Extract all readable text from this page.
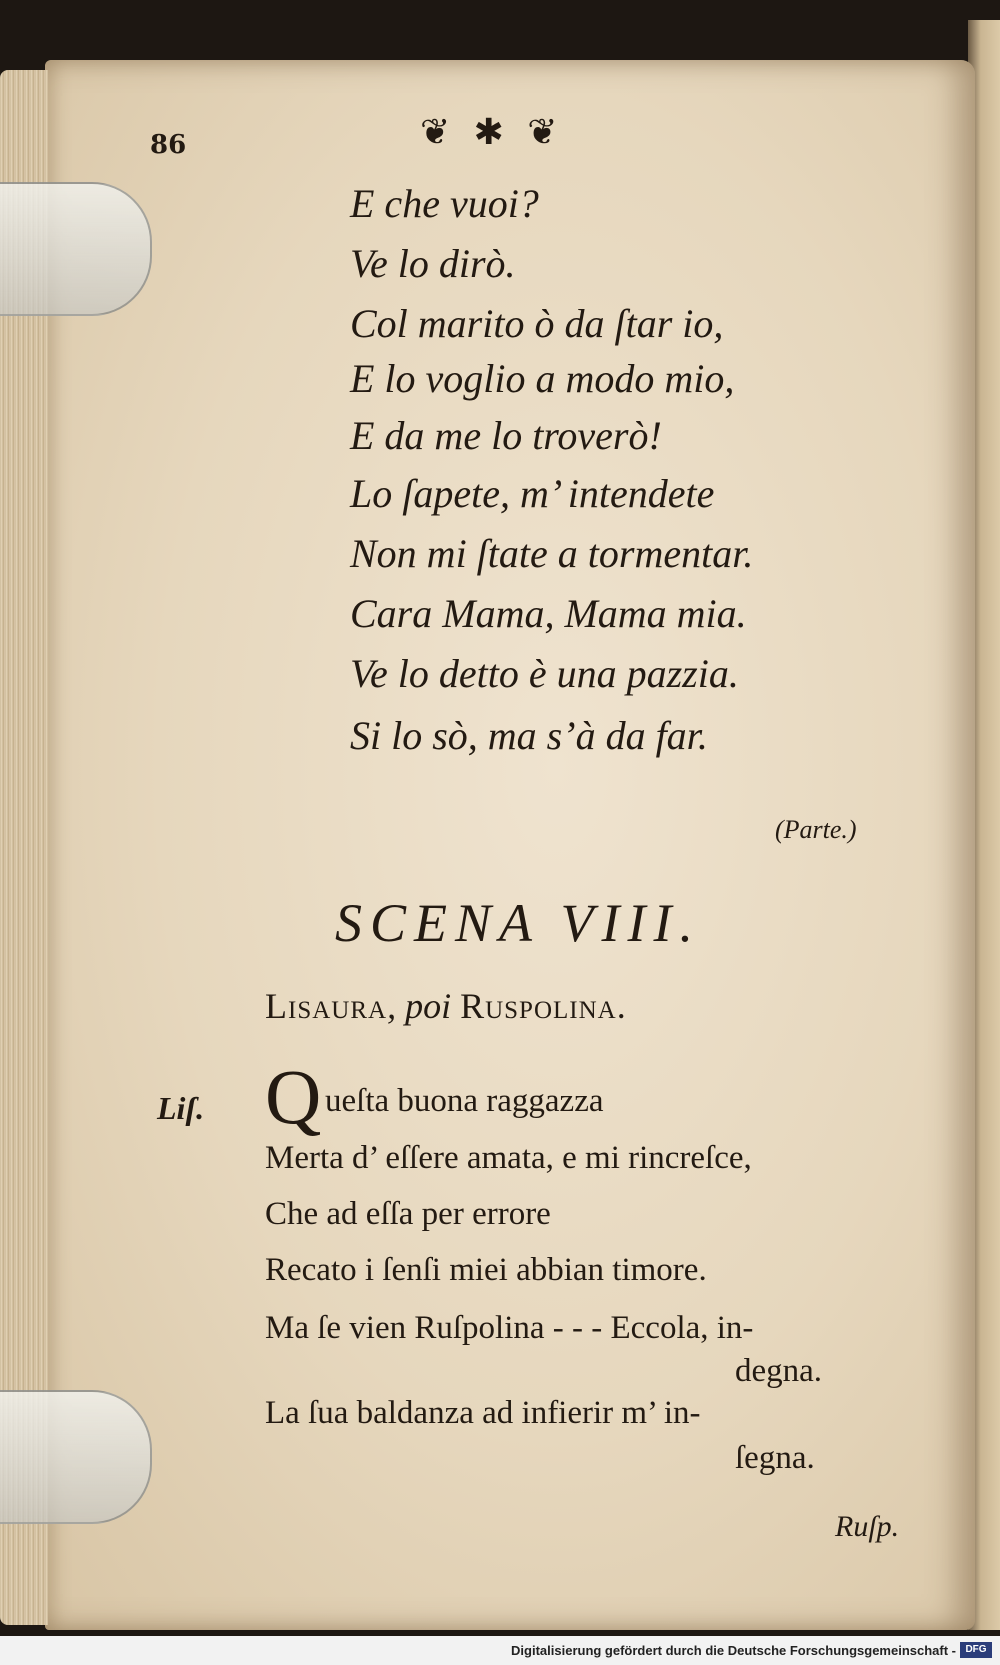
86	❦ ✱ ❦
E che vuoi?
Ve lo dirò.
Col marito ò da ſtar io,
E lo voglio a modo mio,
E da me lo troverò!
Lo ſapete, m’ intendete
Non mi ſtate a tormentar.
Cara Mama, Mama mia.
Ve lo detto è una pazzia.
Si lo sò, ma s’à da far.
(Parte.)
SCENA VIII.
Lisaura, poi Ruspolina.
Liſ. Q ueſta buona raggazza
Merta d’ eſſere amata, e mi rincreſce,
Che ad eſſa per errore
Recato i ſenſi miei abbian timore.
Ma ſe vien Ruſpolina - - - Eccola, in-
degna.
La ſua baldanza ad infierir m’ in-
ſegna.
Ruſp.
Digitalisierung gefördert durch die Deutsche Forschungsgemeinschaft - DFG
